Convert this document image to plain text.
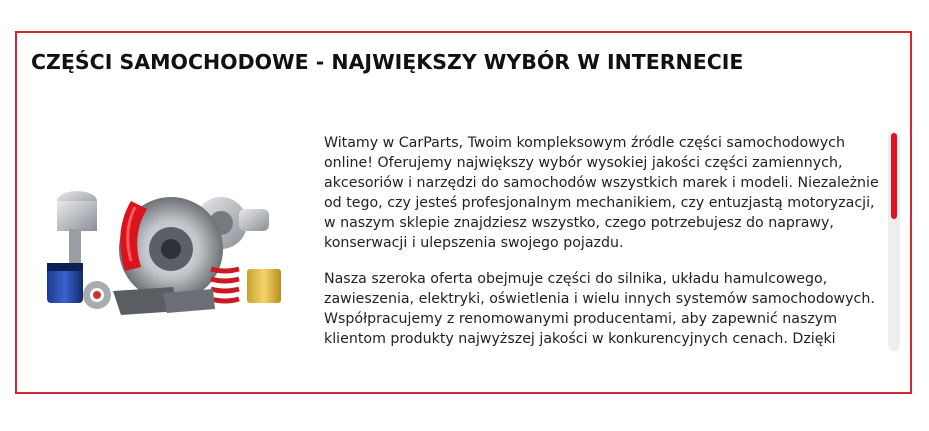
CZĘŚCI SAMOCHODOWE - NAJWIĘKSZY WYBÓR W INTERNECIE

Witamy w CarParts, Twoim kompleksowym źródle części samochodowych online! Oferujemy największy wybór wysokiej jakości części zamiennych, akcesoriów i narzędzi do samochodów wszystkich marek i modeli. Niezależnie od tego, czy jesteś profesjonalnym mechanikiem, czy entuzjastą motoryzacji, w naszym sklepie znajdziesz wszystko, czego potrzebujesz do naprawy, konserwacji i ulepszenia swojego pojazdu.

Nasza szeroka oferta obejmuje części do silnika, układu hamulcowego, zawieszenia, elektryki, oświetlenia i wielu innych systemów samochodowych. Współpracujemy z renomowanymi producentami, aby zapewnić naszym klientom produkty najwyższej jakości w konkurencyjnych cenach. Dzięki
